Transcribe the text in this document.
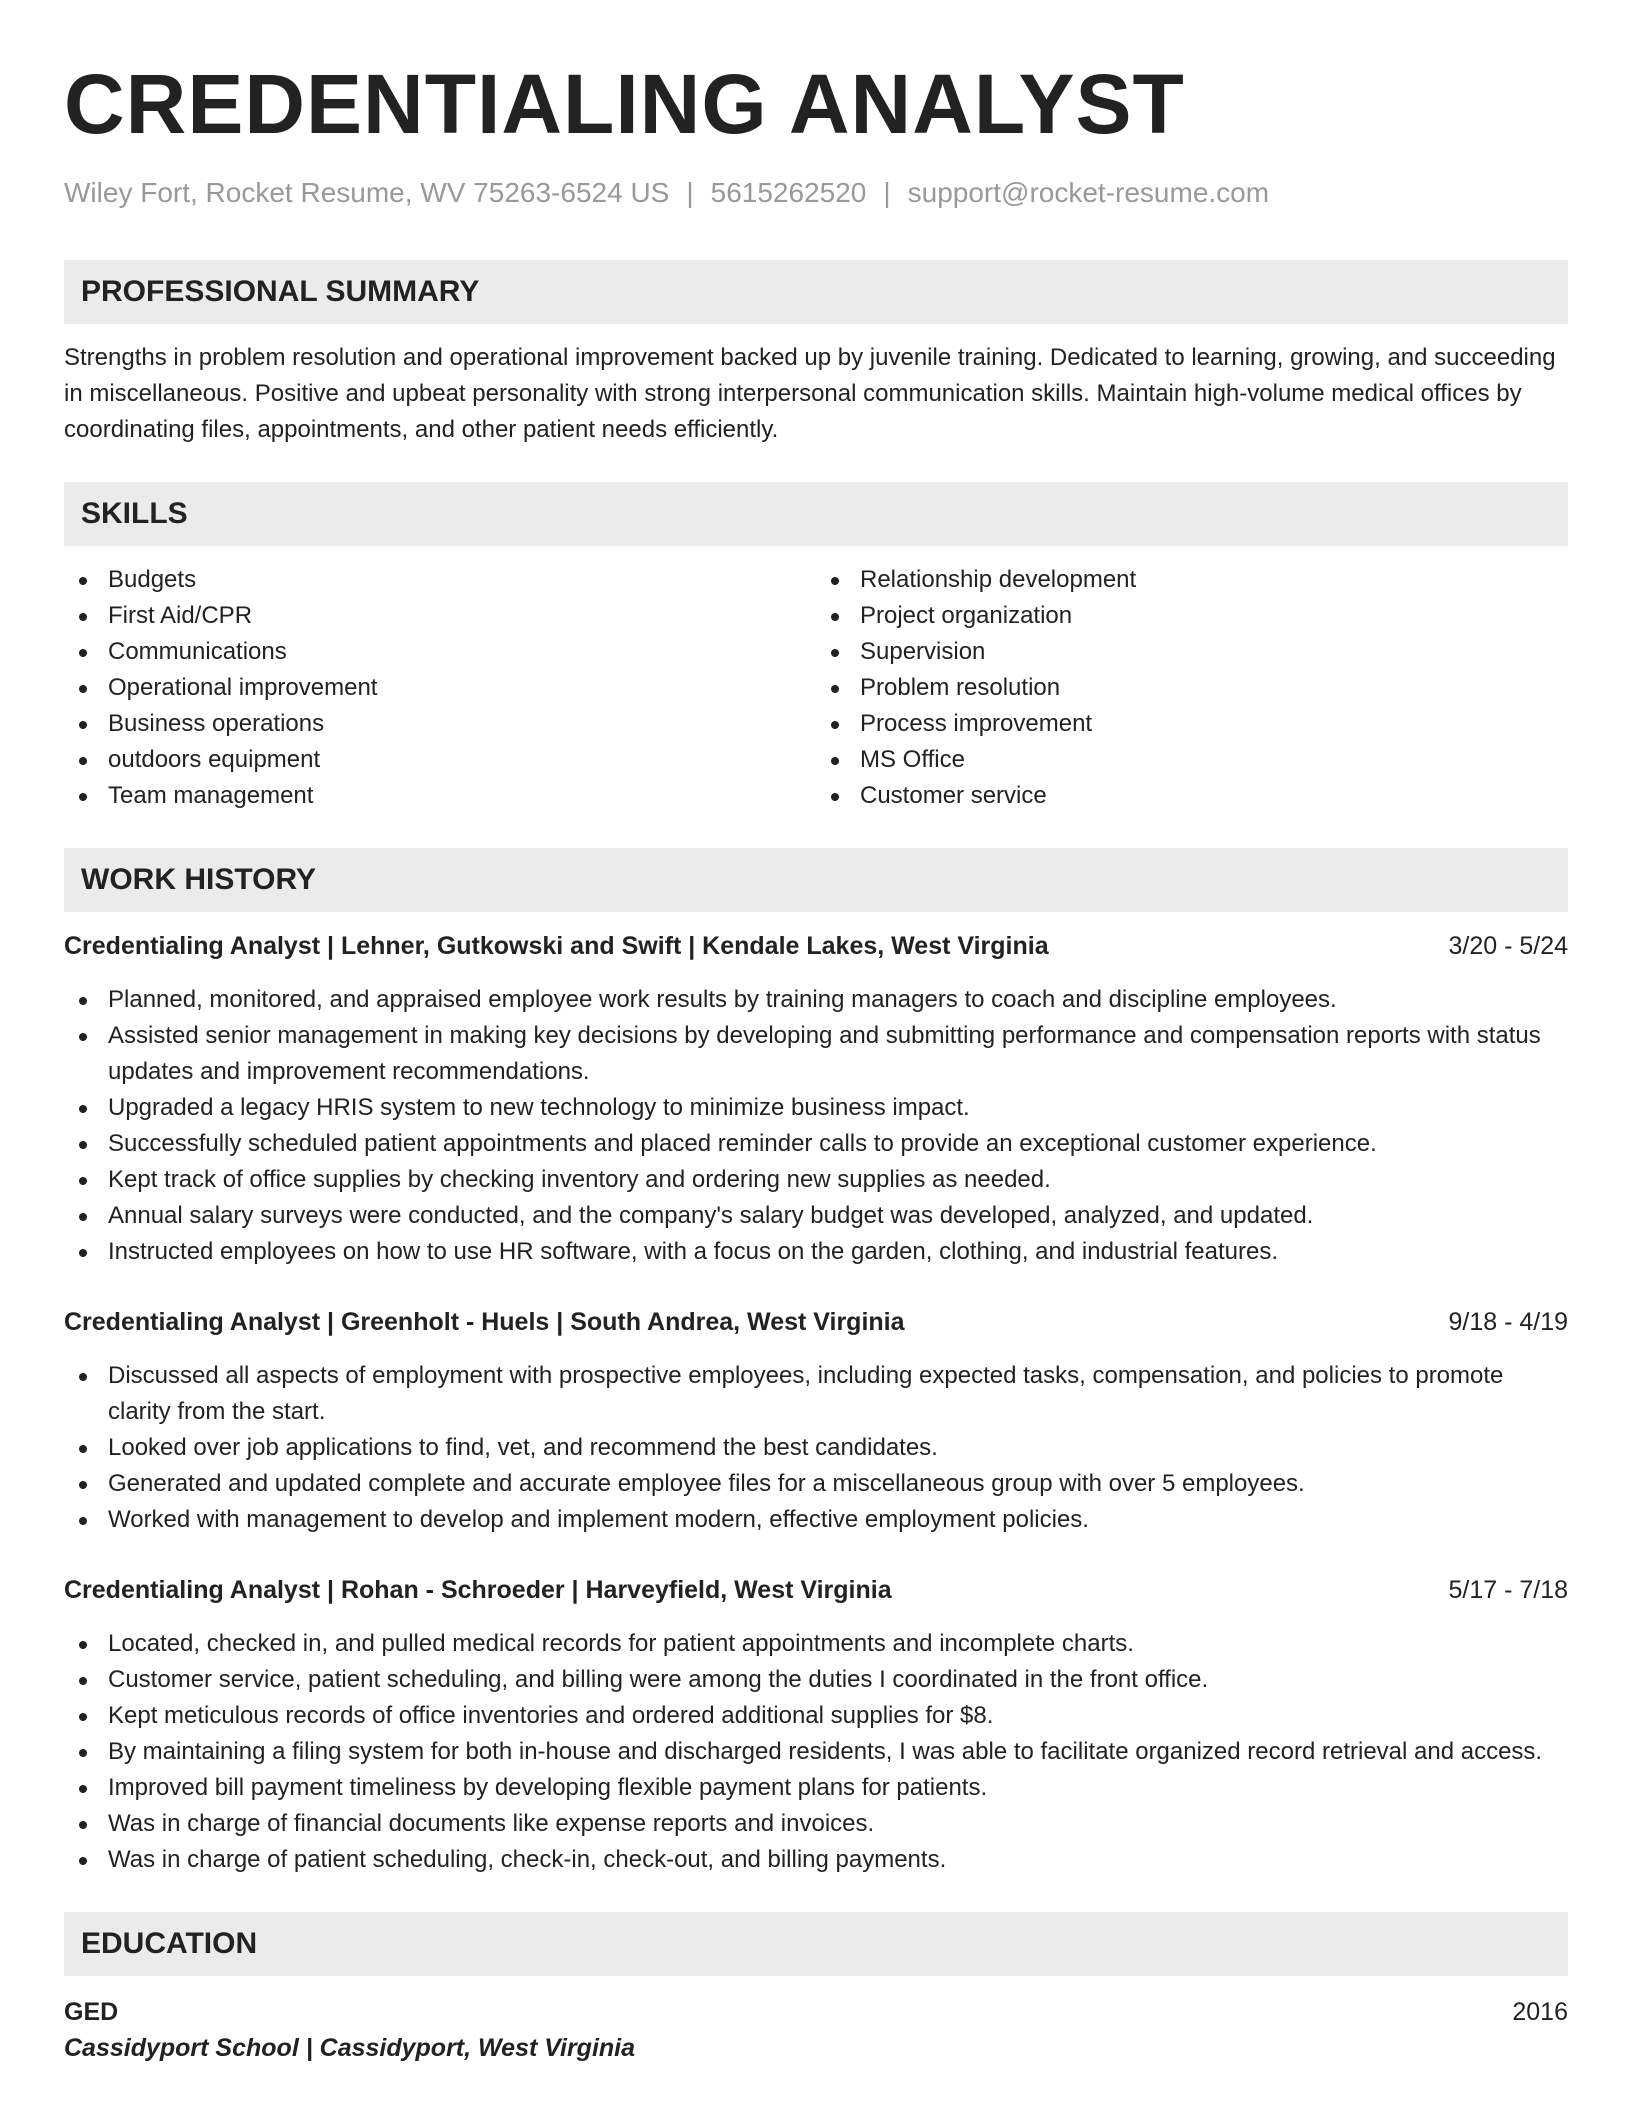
CREDENTIALING ANALYST
Wiley Fort, Rocket Resume, WV 75263-6524 US | 5615262520 | support@rocket-resume.com
PROFESSIONAL SUMMARY

Strengths in problem resolution and operational improvement backed up by juvenile training. Dedicated to learning, growing, and succeeding in miscellaneous. Positive and upbeat personality with strong interpersonal communication skills. Maintain high-volume medical offices by coordinating files, appointments, and other patient needs efficiently.

SKILLS
Budgets
First Aid/CPR
Communications
Operational improvement
Business operations
outdoors equipment
Team management
Relationship development
Project organization
Supervision
Problem resolution
Process improvement
MS Office
Customer service
WORK HISTORY
Credentialing Analyst | Lehner, Gutkowski and Swift | Kendale Lakes, West Virginia	3/20 - 5/24
Planned, monitored, and appraised employee work results by training managers to coach and discipline employees.
Assisted senior management in making key decisions by developing and submitting performance and compensation reports with status updates and improvement recommendations.
Upgraded a legacy HRIS system to new technology to minimize business impact.
Successfully scheduled patient appointments and placed reminder calls to provide an exceptional customer experience.
Kept track of office supplies by checking inventory and ordering new supplies as needed.
Annual salary surveys were conducted, and the company's salary budget was developed, analyzed, and updated.
Instructed employees on how to use HR software, with a focus on the garden, clothing, and industrial features.
Credentialing Analyst | Greenholt - Huels | South Andrea, West Virginia	9/18 - 4/19
Discussed all aspects of employment with prospective employees, including expected tasks, compensation, and policies to promote clarity from the start.
Looked over job applications to find, vet, and recommend the best candidates.
Generated and updated complete and accurate employee files for a miscellaneous group with over 5 employees.
Worked with management to develop and implement modern, effective employment policies.
Credentialing Analyst | Rohan - Schroeder | Harveyfield, West Virginia	5/17 - 7/18
Located, checked in, and pulled medical records for patient appointments and incomplete charts.
Customer service, patient scheduling, and billing were among the duties I coordinated in the front office.
Kept meticulous records of office inventories and ordered additional supplies for $8.
By maintaining a filing system for both in-house and discharged residents, I was able to facilitate organized record retrieval and access.
Improved bill payment timeliness by developing flexible payment plans for patients.
Was in charge of financial documents like expense reports and invoices.
Was in charge of patient scheduling, check-in, check-out, and billing payments.
EDUCATION
GED	2016
Cassidyport School | Cassidyport, West Virginia
